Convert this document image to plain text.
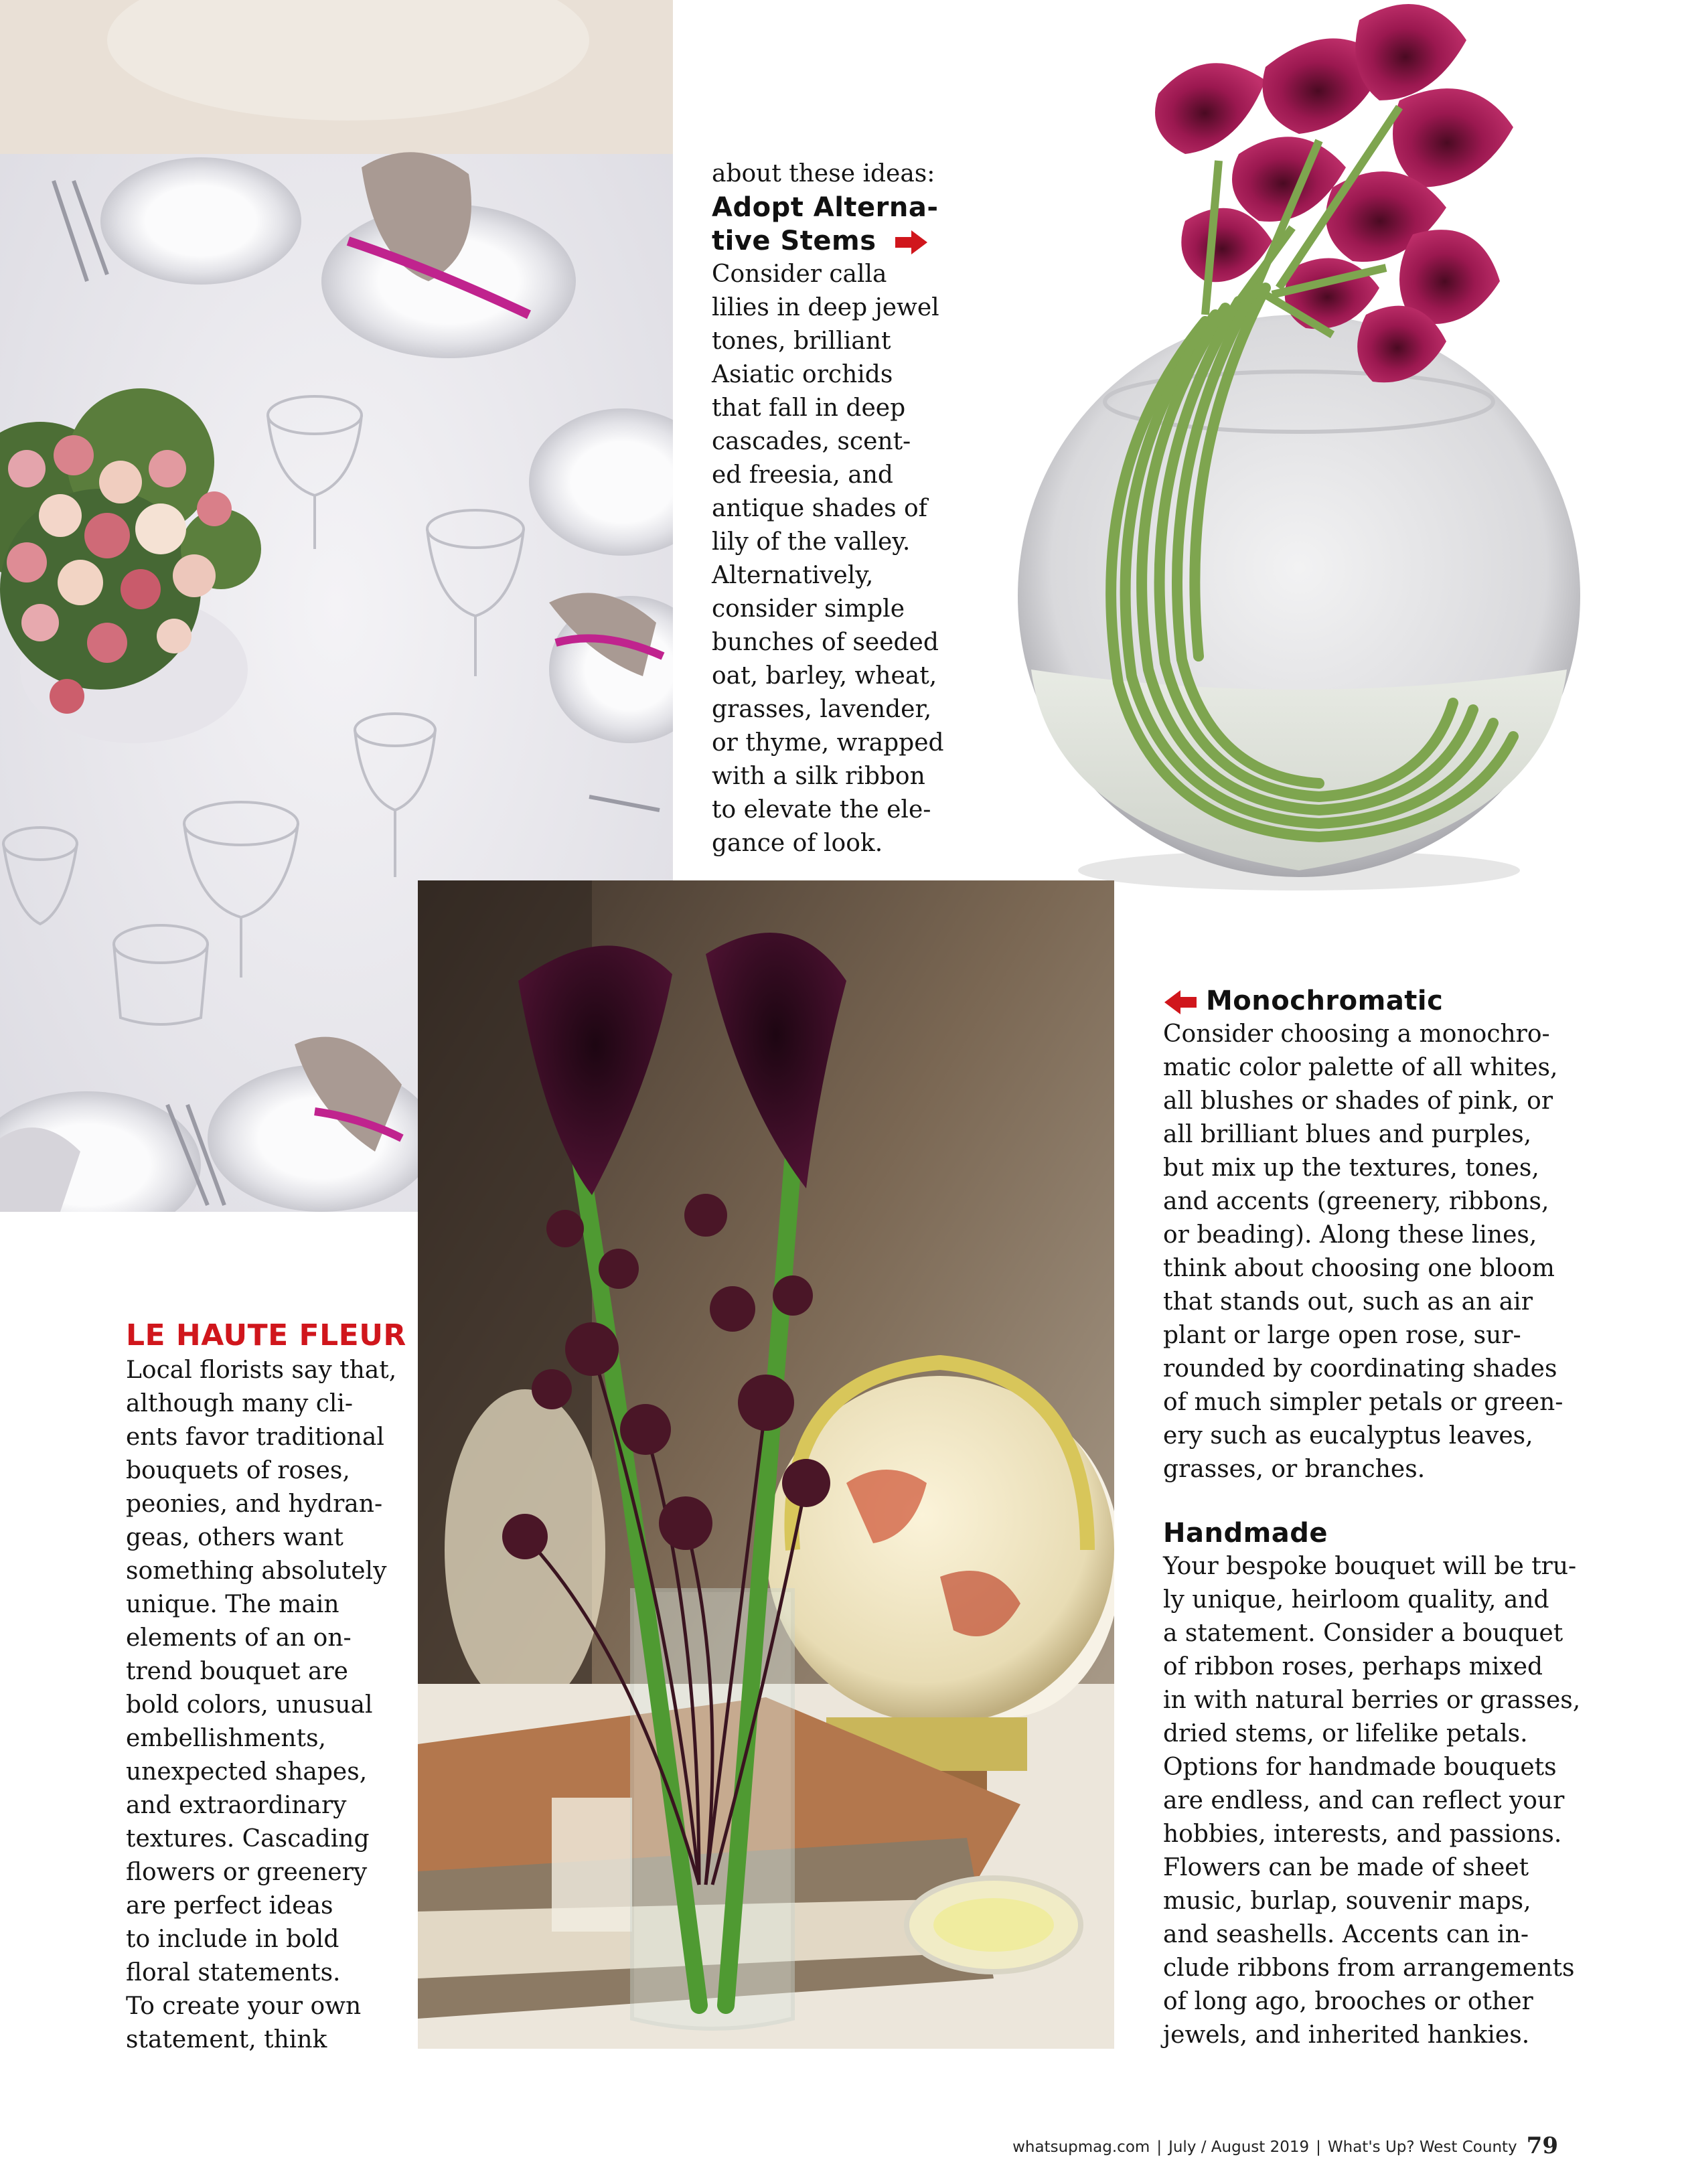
about these ideas:
Adopt Alterna-
tive Stems
Consider calla
lilies in deep jewel
tones, brilliant
Asiatic orchids
that fall in deep
cascades, scent-
ed freesia, and
antique shades of
lily of the valley.
Alternatively,
consider simple
bunches of seeded
oat, barley, wheat,
grasses, lavender,
or thyme, wrapped
with a silk ribbon
to elevate the ele-
gance of look.
LE HAUTE FLEUR
Local florists say that,
although many cli-
ents favor traditional
bouquets of roses,
peonies, and hydran-
geas, others want
something absolutely
unique. The main
elements of an on-
trend bouquet are
bold colors, unusual
embellishments,
unexpected shapes,
and extraordinary
textures. Cascading
flowers or greenery
are perfect ideas
to include in bold
floral statements.
To create your own
statement, think
Monochromatic
Consider choosing a monochro-
matic color palette of all whites,
all blushes or shades of pink, or
all brilliant blues and purples,
but mix up the textures, tones,
and accents (greenery, ribbons,
or beading). Along these lines,
think about choosing one bloom
that stands out, such as an air
plant or large open rose, sur-
rounded by coordinating shades
of much simpler petals or green-
ery such as eucalyptus leaves,
grasses, or branches.
Handmade
Your bespoke bouquet will be tru-
ly unique, heirloom quality, and
a statement. Consider a bouquet
of ribbon roses, perhaps mixed
in with natural berries or grasses,
dried stems, or lifelike petals.
Options for handmade bouquets
are endless, and can reflect your
hobbies, interests, and passions.
Flowers can be made of sheet
music, burlap, souvenir maps,
and seashells. Accents can in-
clude ribbons from arrangements
of long ago, brooches or other
jewels, and inherited hankies.
whatsupmag.com | July / August 2019 | What's Up? West County 79
